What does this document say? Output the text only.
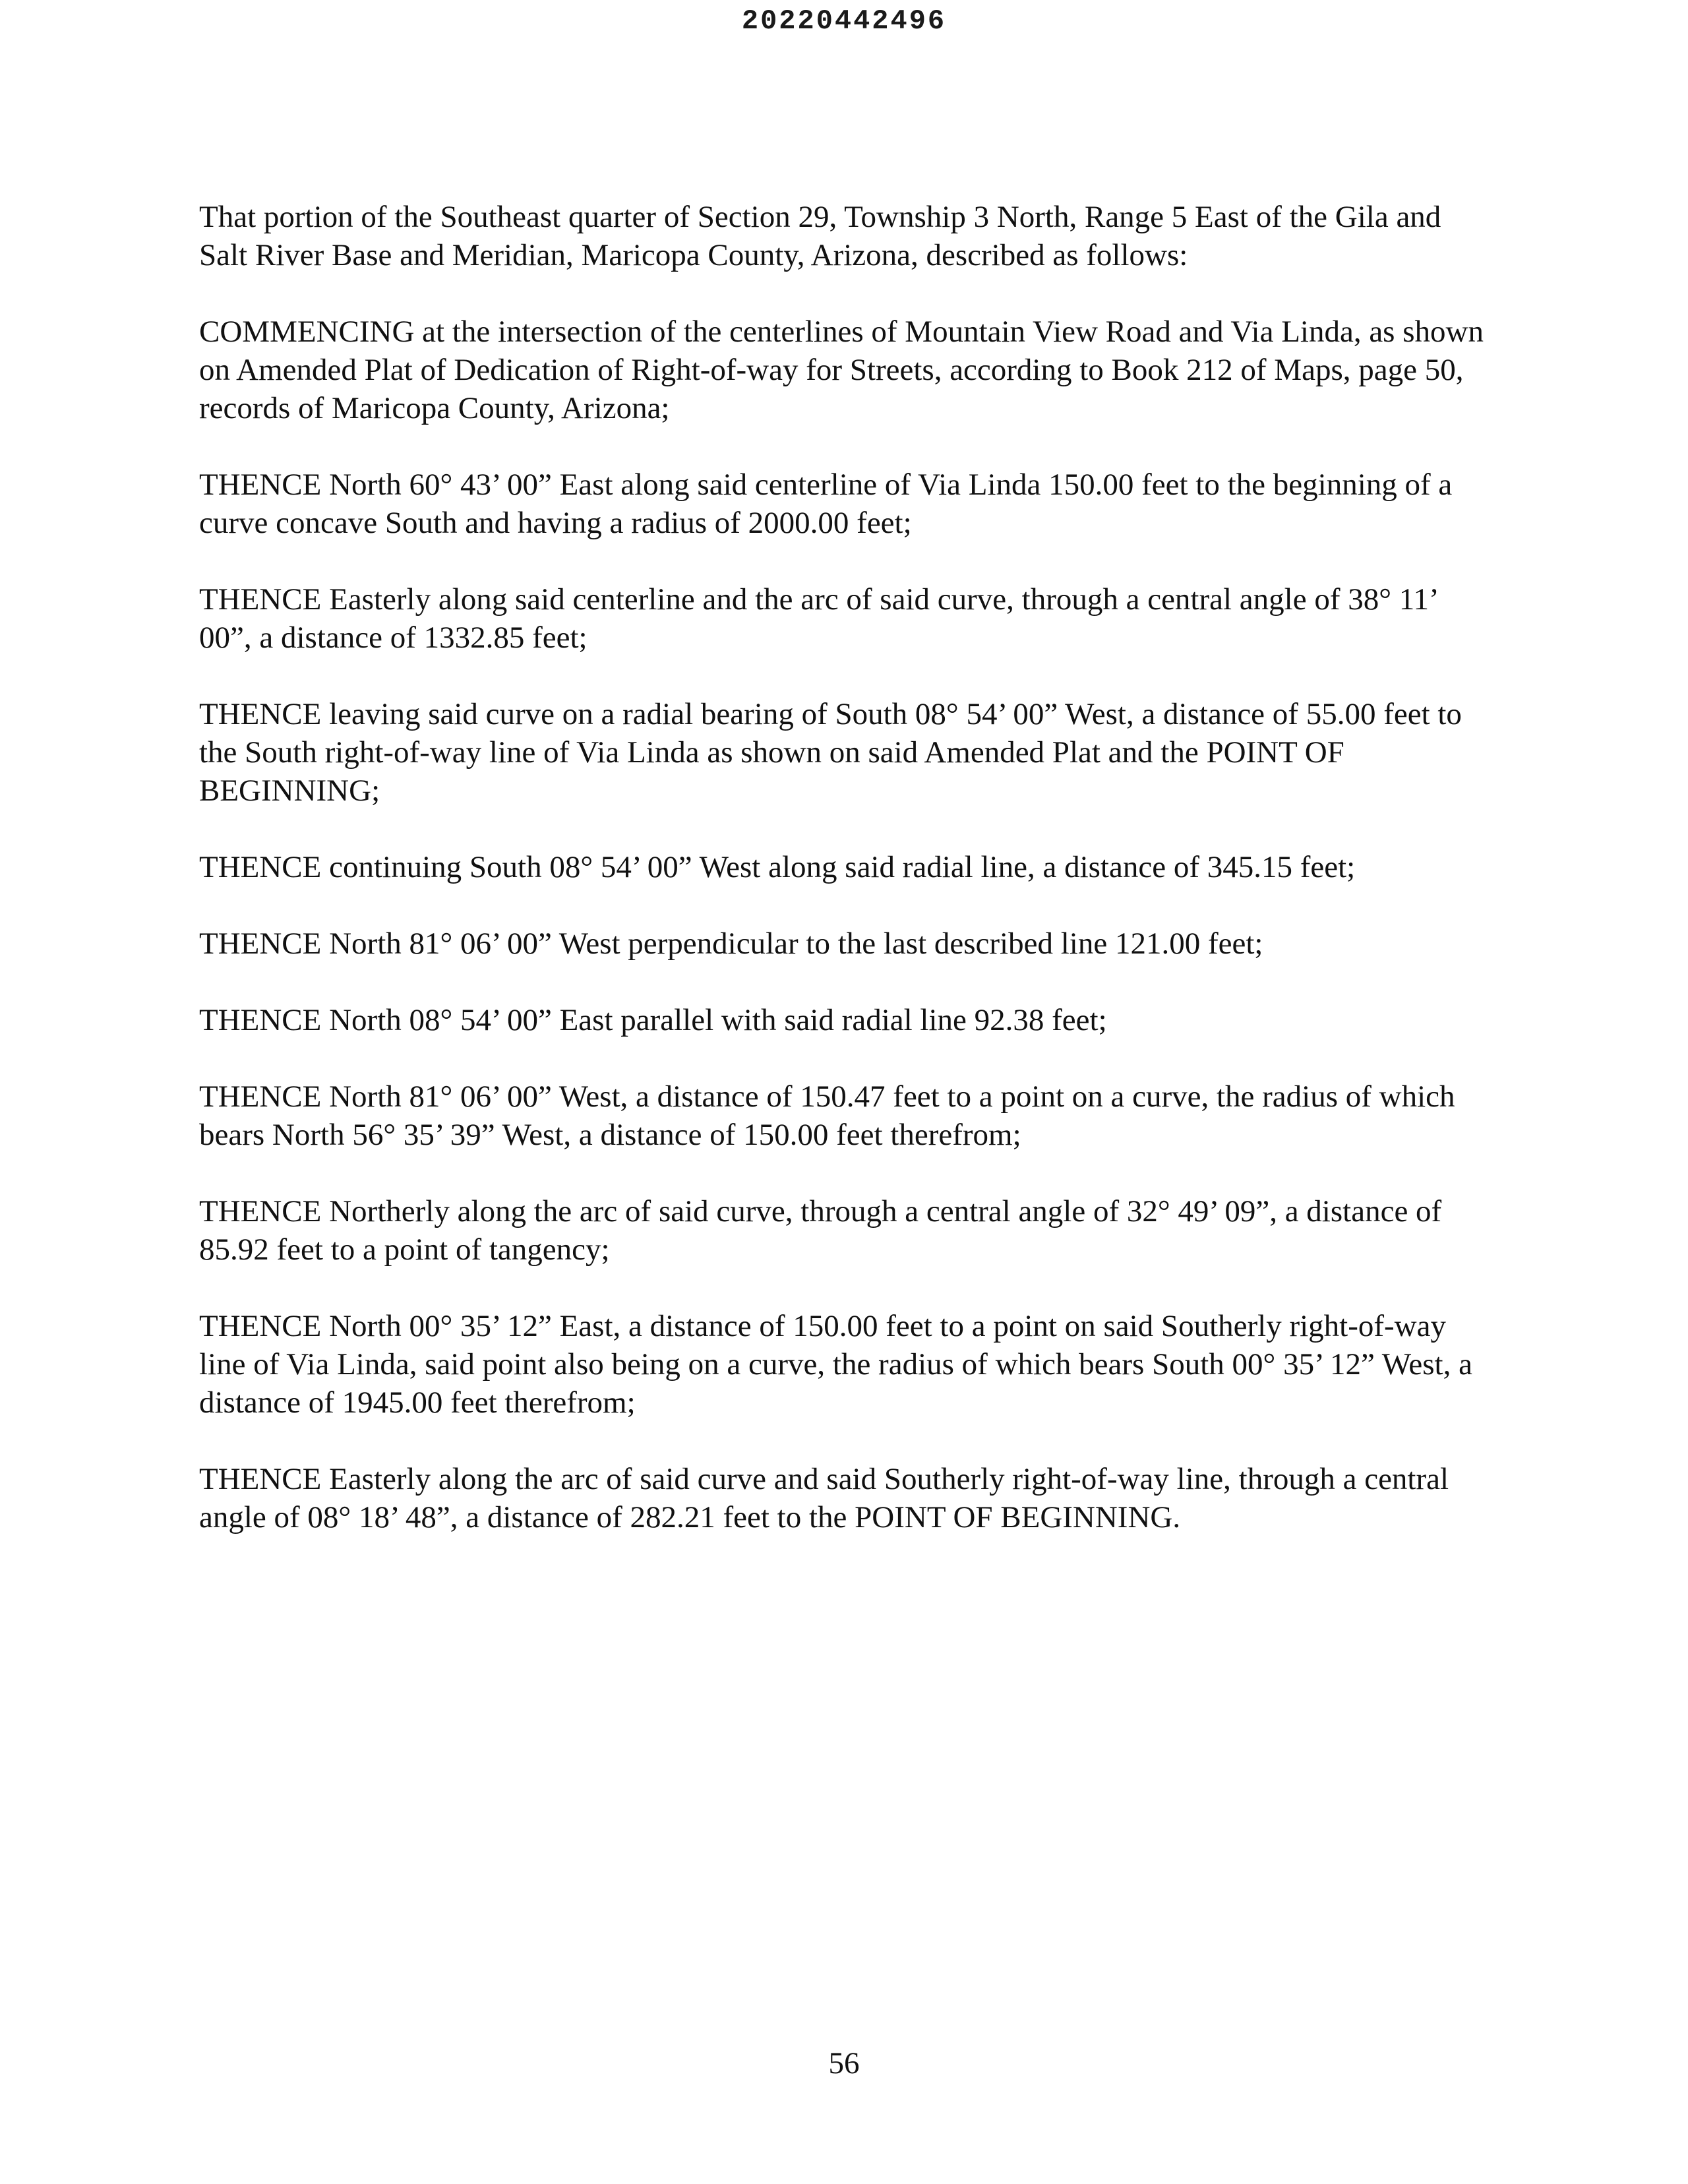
20220442496

That portion of the Southeast quarter of Section 29, Township 3 North, Range 5 East of the Gila and Salt River Base and Meridian, Maricopa County, Arizona, described as follows:

COMMENCING at the intersection of the centerlines of Mountain View Road and Via Linda, as shown on Amended Plat of Dedication of Right-of-way for Streets, according to Book 212 of Maps, page 50, records of Maricopa County, Arizona;

THENCE North 60° 43’ 00” East along said centerline of Via Linda 150.00 feet to the beginning of a curve concave South and having a radius of 2000.00 feet;

THENCE Easterly along said centerline and the arc of said curve, through a central angle of 38° 11’ 00”, a distance of 1332.85 feet;

THENCE leaving said curve on a radial bearing of South 08° 54’ 00” West, a distance of 55.00 feet to the South right-of-way line of Via Linda as shown on said Amended Plat and the POINT OF BEGINNING;

THENCE continuing South 08° 54’ 00” West along said radial line, a distance of 345.15 feet;

THENCE North 81° 06’ 00” West perpendicular to the last described line 121.00 feet;

THENCE North 08° 54’ 00” East parallel with said radial line 92.38 feet;

THENCE North 81° 06’ 00” West, a distance of 150.47 feet to a point on a curve, the radius of which bears North 56° 35’ 39” West, a distance of 150.00 feet therefrom;

THENCE Northerly along the arc of said curve, through a central angle of 32° 49’ 09”, a distance of 85.92 feet to a point of tangency;

THENCE North 00° 35’ 12” East, a distance of 150.00 feet to a point on said Southerly right-of-way line of Via Linda, said point also being on a curve, the radius of which bears South 00° 35’ 12” West, a distance of 1945.00 feet therefrom;

THENCE Easterly along the arc of said curve and said Southerly right-of-way line, through a central angle of 08° 18’ 48”, a distance of 282.21 feet to the POINT OF BEGINNING.

56
